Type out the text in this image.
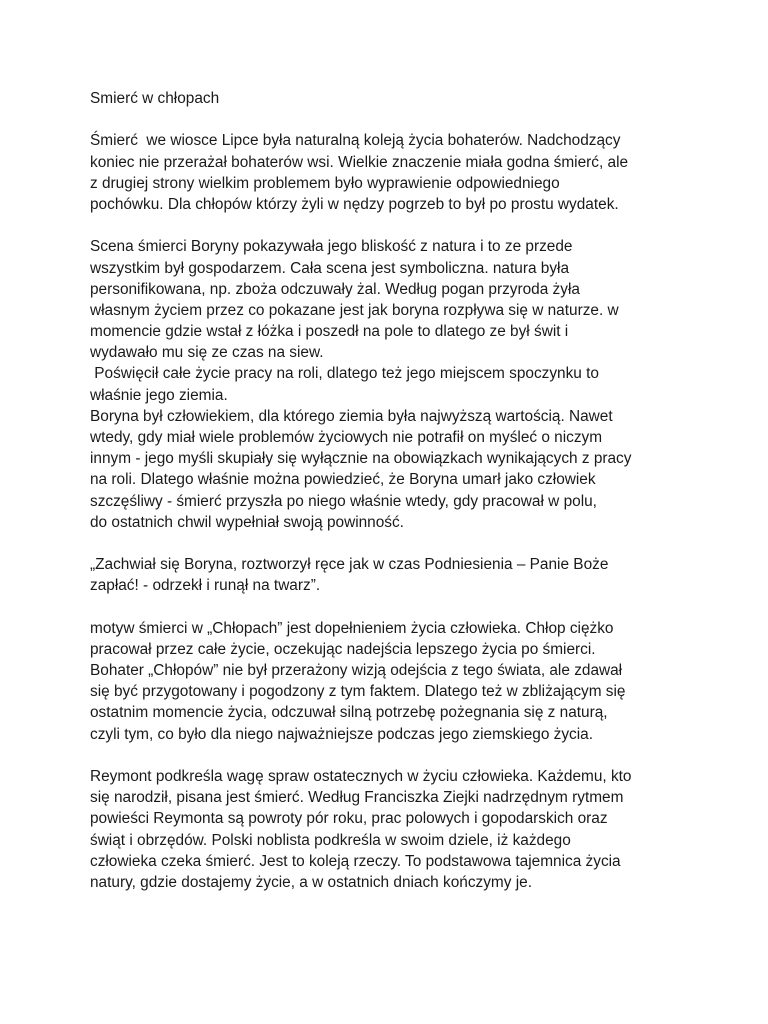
Smierć w chłopach
Śmierć  we wiosce Lipce była naturalną koleją życia bohaterów. Nadchodzący
koniec nie przerażał bohaterów wsi. Wielkie znaczenie miała godna śmierć, ale
z drugiej strony wielkim problemem było wyprawienie odpowiedniego
pochówku. Dla chłopów którzy żyli w nędzy pogrzeb to był po prostu wydatek.
Scena śmierci Boryny pokazywała jego bliskość z natura i to ze przede
wszystkim był gospodarzem. Cała scena jest symboliczna. natura była
personifikowana, np. zboża odczuwały żal. Według pogan przyroda żyła
własnym życiem przez co pokazane jest jak boryna rozpływa się w naturze. w
momencie gdzie wstał z łóżka i poszedł na pole to dlatego ze był świt i
wydawało mu się ze czas na siew.
Poświęcił całe życie pracy na roli, dlatego też jego miejscem spoczynku to
właśnie jego ziemia.
Boryna był człowiekiem, dla którego ziemia była najwyższą wartością. Nawet
wtedy, gdy miał wiele problemów życiowych nie potrafił on myśleć o niczym
innym - jego myśli skupiały się wyłącznie na obowiązkach wynikających z pracy
na roli. Dlatego właśnie można powiedzieć, że Boryna umarł jako człowiek
szczęśliwy - śmierć przyszła po niego właśnie wtedy, gdy pracował w polu,
do ostatnich chwil wypełniał swoją powinność.
„Zachwiał się Boryna, roztworzył ręce jak w czas Podniesienia – Panie Boże
zapłać! - odrzekł i runął na twarz”.
motyw śmierci w „Chłopach” jest dopełnieniem życia człowieka. Chłop ciężko
pracował przez całe życie, oczekując nadejścia lepszego życia po śmierci.
Bohater „Chłopów” nie był przerażony wizją odejścia z tego świata, ale zdawał
się być przygotowany i pogodzony z tym faktem. Dlatego też w zbliżającym się
ostatnim momencie życia, odczuwał silną potrzebę pożegnania się z naturą,
czyli tym, co było dla niego najważniejsze podczas jego ziemskiego życia.
Reymont podkreśla wagę spraw ostatecznych w życiu człowieka. Każdemu, kto
się narodził, pisana jest śmierć. Według Franciszka Ziejki nadrzędnym rytmem
powieści Reymonta są powroty pór roku, prac polowych i gopodarskich oraz
świąt i obrzędów. Polski noblista podkreśla w swoim dziele, iż każdego
człowieka czeka śmierć. Jest to koleją rzeczy. To podstawowa tajemnica życia
natury, gdzie dostajemy życie, a w ostatnich dniach kończymy je.
